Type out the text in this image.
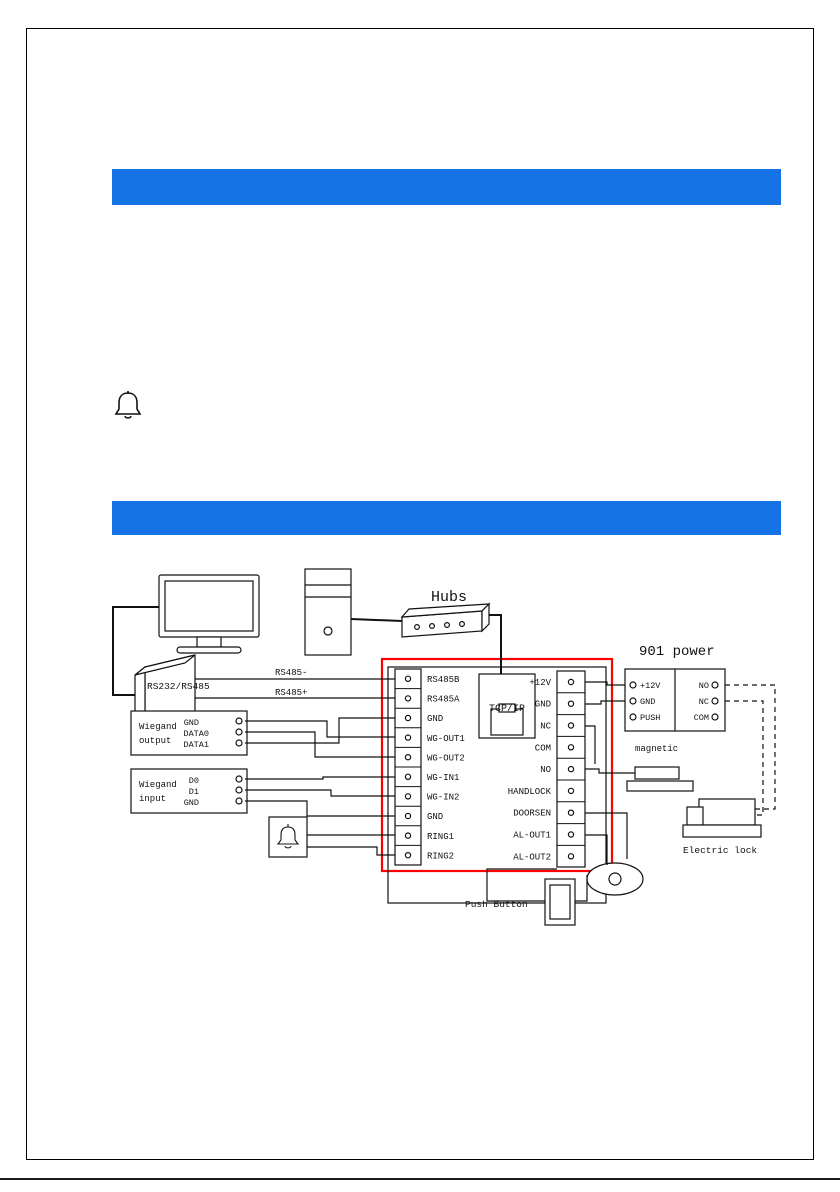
Hubs
RS232/RS485
RS485-
RS485+
Wiegand
output
GND
DATA0
DATA1
Wiegand
input
D0
D1
GND
RS485B
RS485A
GND
WG-OUT1
WG-OUT2
WG-IN1
WG-IN2
GND
RING1
RING2
TCP/IP
+12V
GND
NC
COM
NO
HANDLOCK
DOORSEN
AL-OUT1
AL-OUT2
901 power
+12V
GND
PUSH
NO
NC
COM
magnetic
Electric lock
Push Button
